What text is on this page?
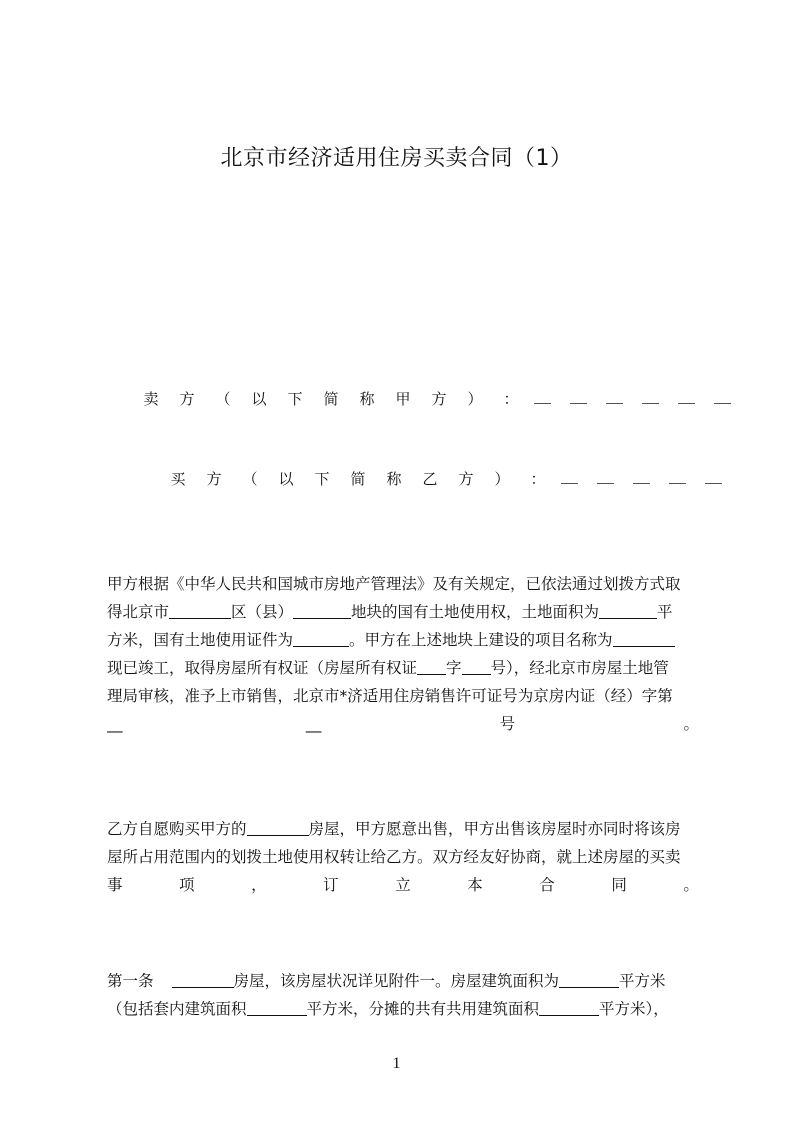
北京市经济适用住房买卖合同（1）
卖 方 （ 以 下 简 称 甲 方 ） ：
买 方 （ 以 下 简 称 乙 方 ） ：
甲方根据《中华人民共和国城市房地产管理法》及有关规定，已依法通过划拨方式取
得北京市	区（县）	地块的国有土地使用权，土地面积为	平
方米，国有土地使用证件为	。甲方在上述地块上建设的项目名称为
现已竣工，取得房屋所有权证（房屋所有权证 字 号），经北京市房屋土地管
理局审核，准予上市销售，北京市*济适用住房销售许可证号为京房内证（经）字第
__	__	号	。
乙方自愿购买甲方的	房屋，甲方愿意出售，甲方出售该房屋时亦同时将该房
屋所占用范围内的划拨土地使用权转让给乙方。双方经友好协商，就上述房屋的买卖
事	项	，	订	立	本	合	同	。
第一条	房屋，该房屋状况详见附件一。房屋建筑面积为	平方米
（包括套内建筑面积	平方米，分摊的共有共用建筑面积	平方米），
1
